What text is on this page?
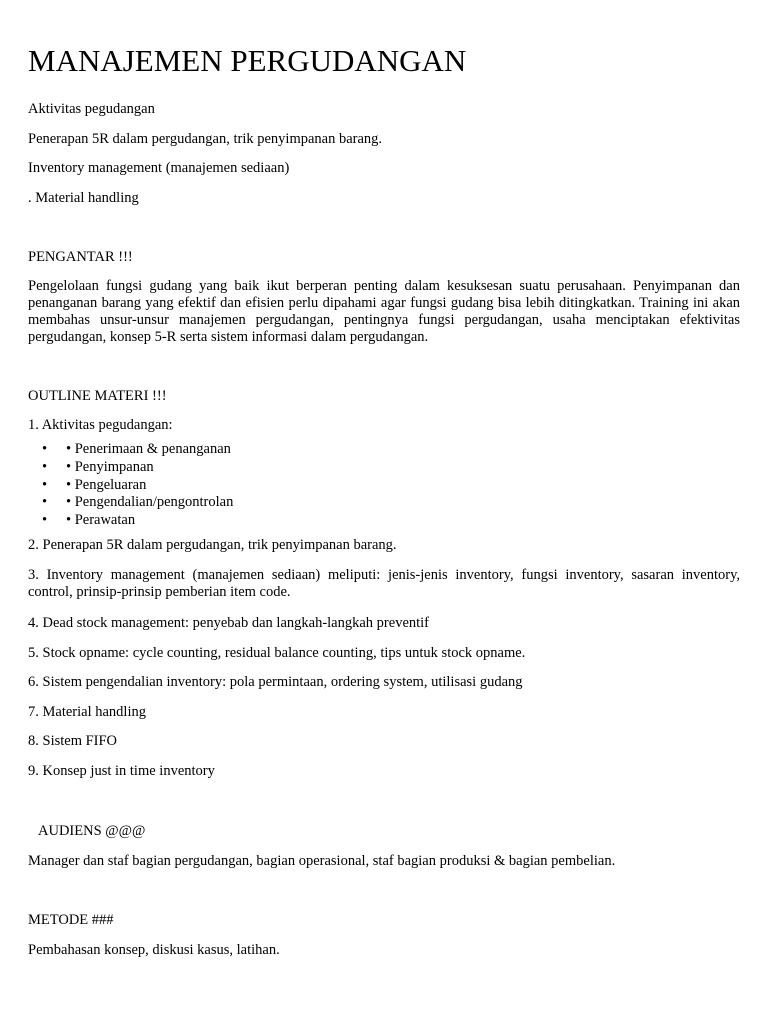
MANAJEMEN PERGUDANGAN
Aktivitas pegudangan
Penerapan 5R dalam pergudangan, trik penyimpanan barang.
Inventory management (manajemen sediaan)
. Material handling
PENGANTAR !!!
Pengelolaan fungsi gudang yang baik ikut berperan penting dalam kesuksesan suatu perusahaan. Penyimpanan dan penanganan barang yang efektif dan efisien perlu dipahami agar fungsi gudang bisa lebih ditingkatkan. Training ini akan membahas unsur-unsur manajemen pergudangan, pentingnya fungsi pergudangan, usaha menciptakan efektivitas pergudangan, konsep 5-R serta sistem informasi dalam pergudangan.
OUTLINE MATERI !!!
1. Aktivitas pegudangan:
• • Penerimaan & penanganan
• • Penyimpanan
• • Pengeluaran
• • Pengendalian/pengontrolan
• • Perawatan
2. Penerapan 5R dalam pergudangan, trik penyimpanan barang.
3. Inventory management (manajemen sediaan) meliputi: jenis-jenis inventory, fungsi inventory, sasaran inventory, control, prinsip-prinsip pemberian item code.
4. Dead stock management: penyebab dan langkah-langkah preventif
5. Stock opname: cycle counting, residual balance counting, tips untuk stock opname.
6. Sistem pengendalian inventory: pola permintaan, ordering system, utilisasi gudang
7. Material handling
8. Sistem FIFO
9. Konsep just in time inventory
AUDIENS @@@
Manager dan staf bagian pergudangan, bagian operasional, staf bagian produksi & bagian pembelian.
METODE ###
Pembahasan konsep, diskusi kasus, latihan.
